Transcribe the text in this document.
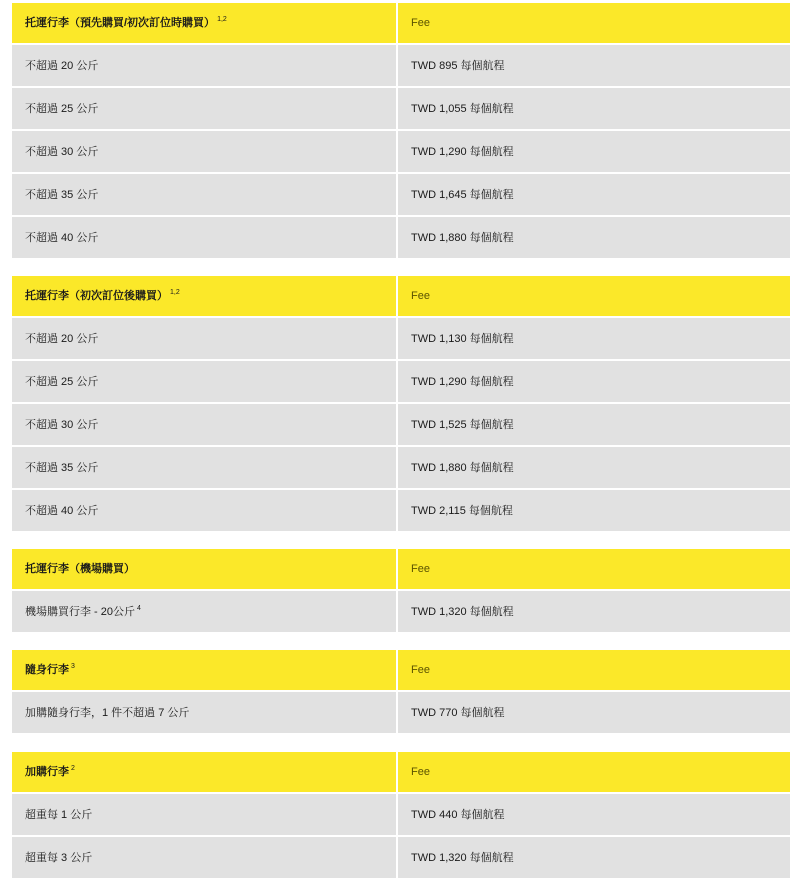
托運行李（預先購買/初次訂位時購買） $^{1,2}$	Fee
不超過 20 公斤	TWD 895 每個航程
不超過 25 公斤	TWD 1,055 每個航程
不超過 30 公斤	TWD 1,290 每個航程
不超過 35 公斤	TWD 1,645 每個航程
不超過 40 公斤	TWD 1,880 每個航程
托運行李（初次訂位後購買） $^{1,2}$	Fee
不超過 20 公斤	TWD 1,130 每個航程
不超過 25 公斤	TWD 1,290 每個航程
不超過 30 公斤	TWD 1,525 每個航程
不超過 35 公斤	TWD 1,880 每個航程
不超過 40 公斤	TWD 2,115 每個航程
托運行李（機場購買）	Fee
機場購買行李 - 20公斤 $^4$	TWD 1,320 每個航程
隨身行李 $^3$	Fee
加購隨身行李，1 件不超過 7 公斤	TWD 770 每個航程
加購行李 $^2$	Fee
超重每 1 公斤	TWD 440 每個航程
超重每 3 公斤	TWD 1,320 每個航程
